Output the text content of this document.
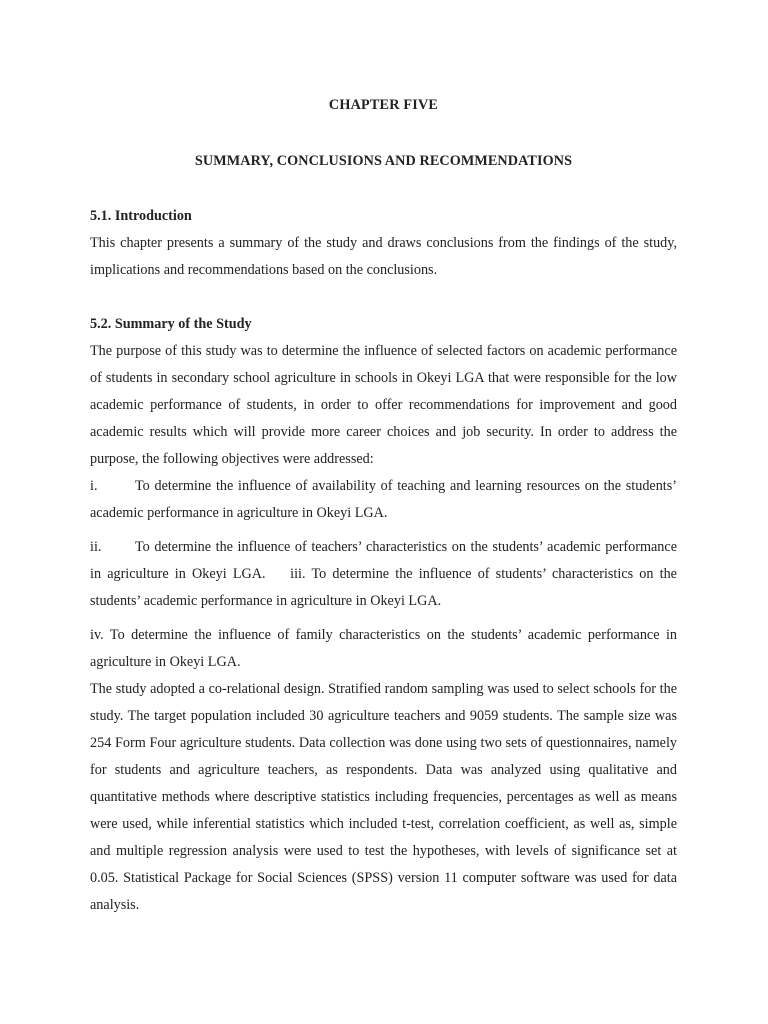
CHAPTER FIVE
SUMMARY, CONCLUSIONS AND RECOMMENDATIONS
5.1. Introduction

This chapter presents a summary of the study and draws conclusions from the findings of the study, implications and recommendations based on the conclusions.

5.2. Summary of the Study

The purpose of this study was to determine the influence of selected factors on academic performance of students in secondary school agriculture in schools in Okeyi LGA that were responsible for the low academic performance of students, in order to offer recommendations for improvement and good academic results which will provide more career choices and job security. In order to address the purpose, the following objectives were addressed:

i.	To determine the influence of availability of teaching and learning resources on the students’ academic performance in agriculture in Okeyi LGA.
ii. To determine the influence of teachers’ characteristics on the students’ academic performance in agriculture in Okeyi LGA. iii. To determine the influence of students’ characteristics on the students’ academic performance in agriculture in Okeyi LGA.
iv. To determine the influence of family characteristics on the students’ academic performance in agriculture in Okeyi LGA.

The study adopted a co-relational design. Stratified random sampling was used to select schools for the study. The target population included 30 agriculture teachers and 9059 students. The sample size was 254 Form Four agriculture students. Data collection was done using two sets of questionnaires, namely for students and agriculture teachers, as respondents. Data was analyzed using qualitative and quantitative methods where descriptive statistics including frequencies, percentages as well as means were used, while inferential statistics which included t-test, correlation coefficient, as well as, simple and multiple regression analysis were used to test the hypotheses, with levels of significance set at 0.05. Statistical Package for Social Sciences (SPSS) version 11 computer software was used for data analysis.
